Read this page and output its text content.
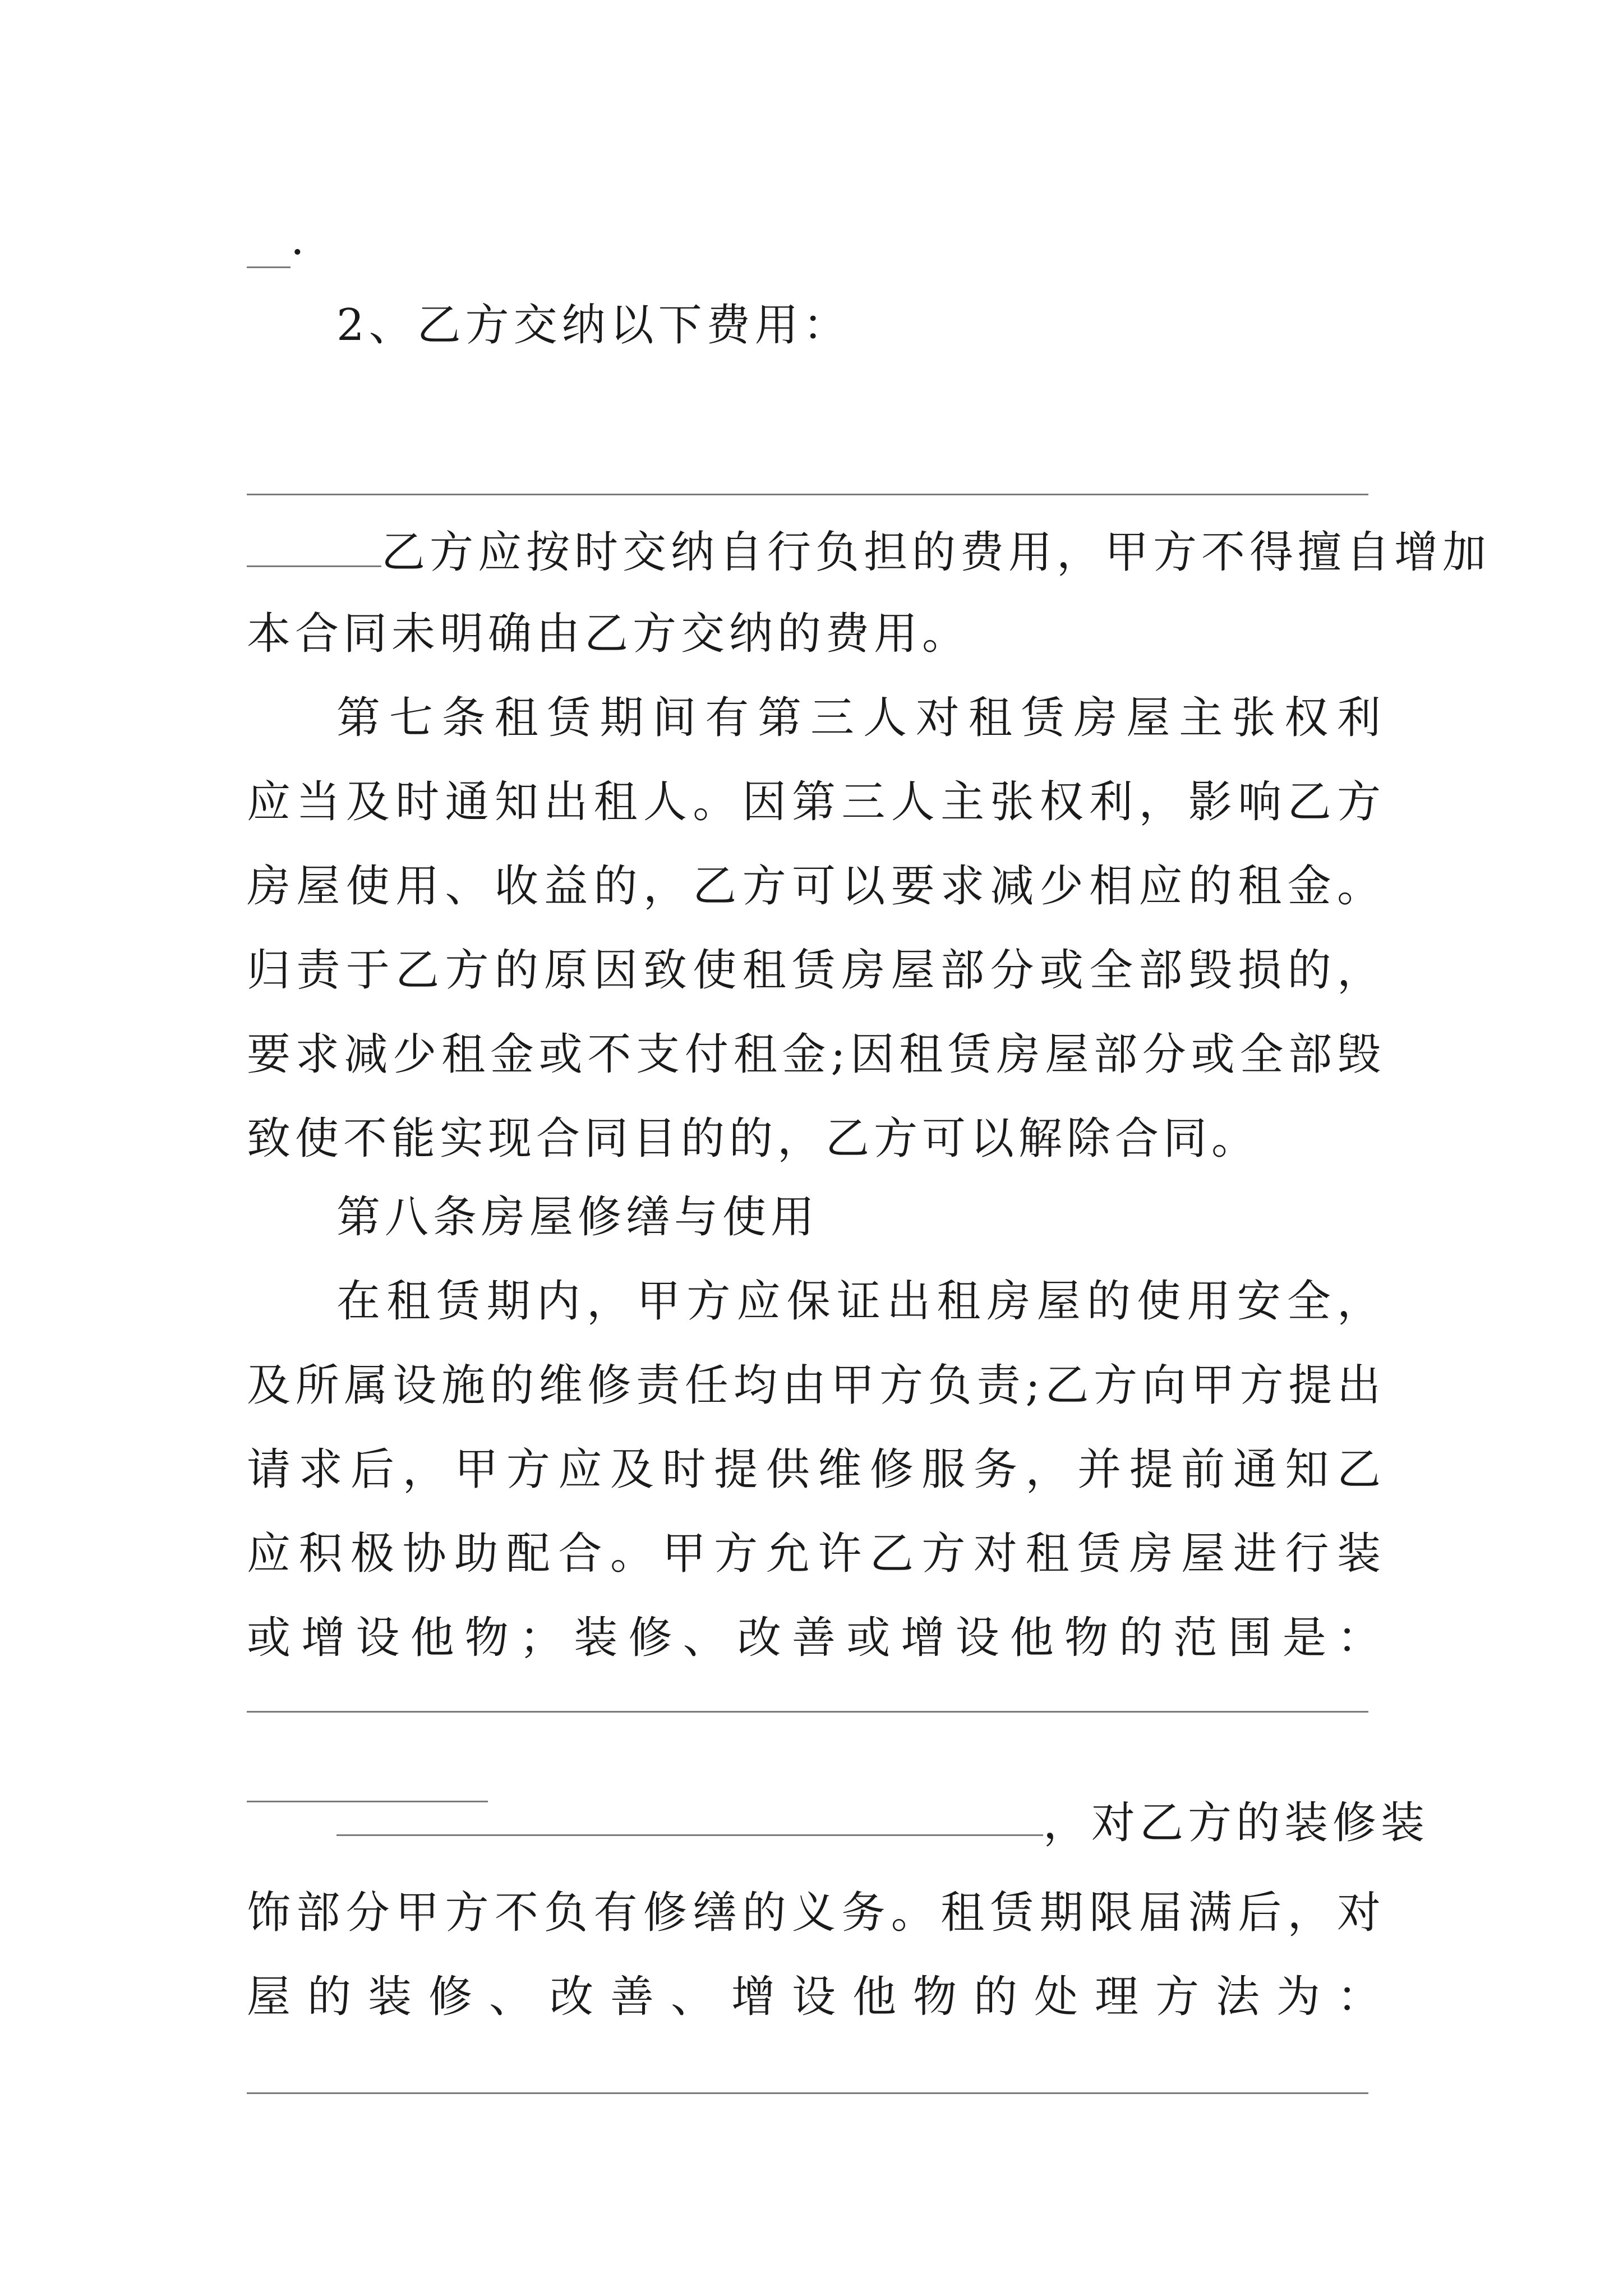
·
2、乙方交纳以下费用：
乙方应按时交纳自行负担的费用，甲方不得擅自增加
本合同未明确由乙方交纳的费用。
第七条租赁期间有第三人对租赁房屋主张权利
应当及时通知出租人。因第三人主张权利，影响乙方
房屋使用、收益的，乙方可以要求减少相应的租金。
归责于乙方的原因致使租赁房屋部分或全部毁损的，
要求减少租金或不支付租金;因租赁房屋部分或全部毁
致使不能实现合同目的的，乙方可以解除合同。
第八条房屋修缮与使用
在租赁期内，甲方应保证出租房屋的使用安全，
及所属设施的维修责任均由甲方负责;乙方向甲方提出
请求后，甲方应及时提供维修服务，并提前通知乙
应积极协助配合。甲方允许乙方对租赁房屋进行装
或增设他物；装修、改善或增设他物的范围是：
，对乙方的装修装
饰部分甲方不负有修缮的义务。租赁期限届满后，对
屋的装修、改善、增设他物的处理方法为：
